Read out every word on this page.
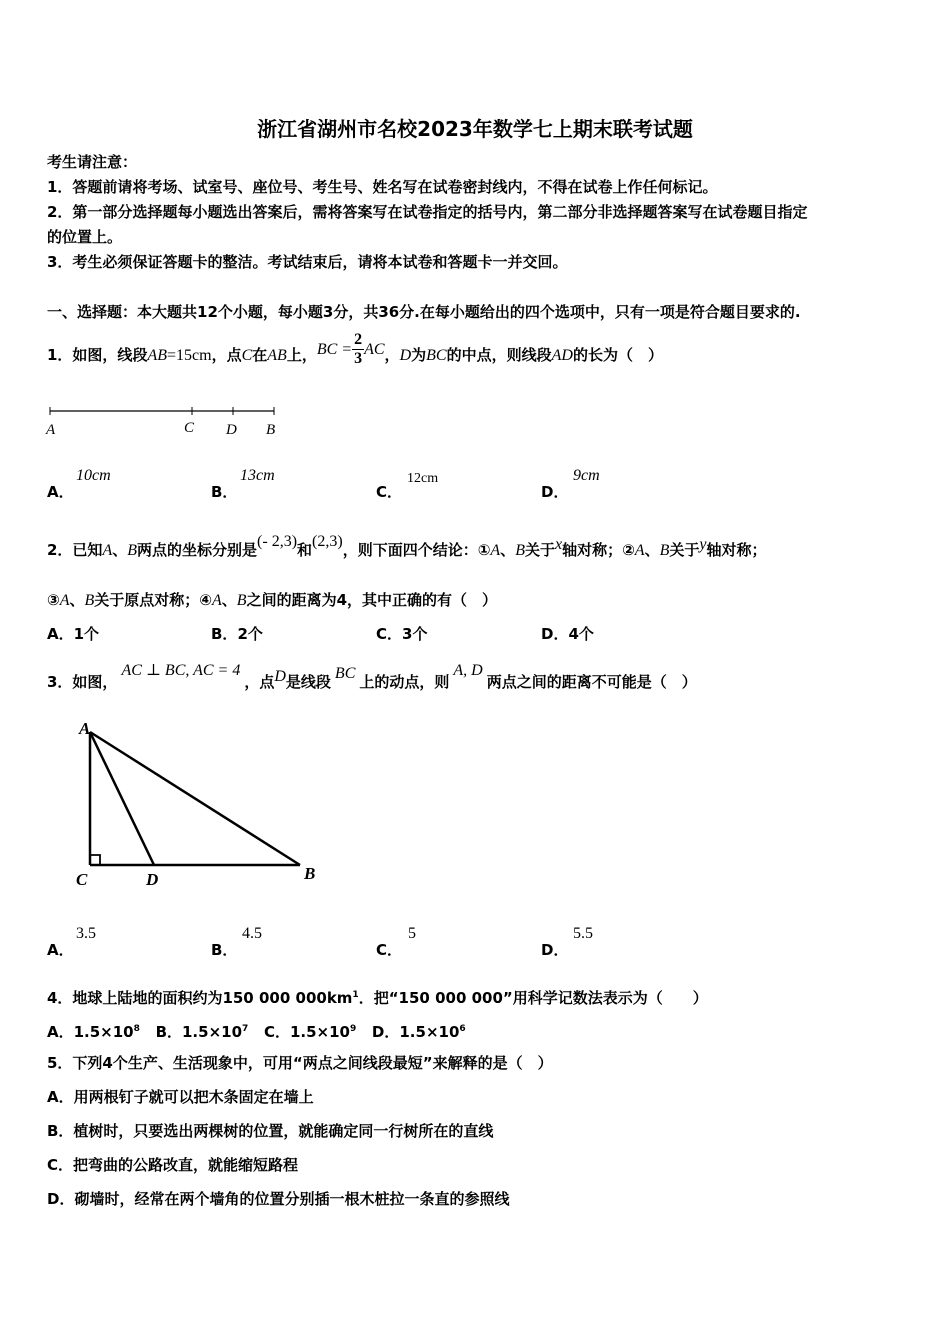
浙江省湖州市名校2023年数学七上期末联考试题
考生请注意：
1．答题前请将考场、试室号、座位号、考生号、姓名写在试卷密封线内，不得在试卷上作任何标记。
2．第一部分选择题每小题选出答案后，需将答案写在试卷指定的括号内，第二部分非选择题答案写在试卷题目指定
的位置上。
3．考生必须保证答题卡的整洁。考试结束后，请将本试卷和答题卡一并交回。
一、选择题：本大题共12个小题，每小题3分，共36分.在每小题给出的四个选项中，只有一项是符合题目要求的.
1．如图，线段AB=15cm，点C在AB上，BC = $\frac{2}{3}$ AC，D为BC的中点，则线段AD的长为（　）
A	C D B
A．
10cm
B．
13cm
C．
12cm
D．
9cm
2．已知A、B两点的坐标分别是(- 2,3)和(2,3)，则下面四个结论：①A、B关于x轴对称；②A、B关于y轴对称；
③A、B关于原点对称；④A、B之间的距离为4，其中正确的有（　）
A．1个	B．2个	C．3个	D．4个
3．如图，AC ⊥ BC, AC = 4，点D是线段 BC 上的动点，则A, D两点之间的距离不可能是（　）
A
C	D	B
A．
3.5
B．
4.5
C．
5
D．
5.5
4．地球上陆地的面积约为150 000 $000km^1$．把“150 000 000”用科学记数法表示为（　　）
A．$1.5\times 10^8$ B．$1.5\times 10^7$ C．$1.5\times 10^9$ D．$1.5\times 10^6$
5．下列4个生产、生活现象中，可用“两点之间线段最短”来解释的是（　）
A．用两根钉子就可以把木条固定在墙上
B．植树时，只要选出两棵树的位置，就能确定同一行树所在的直线
C．把弯曲的公路改直，就能缩短路程
D．砌墙时，经常在两个墙角的位置分别插一根木桩拉一条直的参照线
